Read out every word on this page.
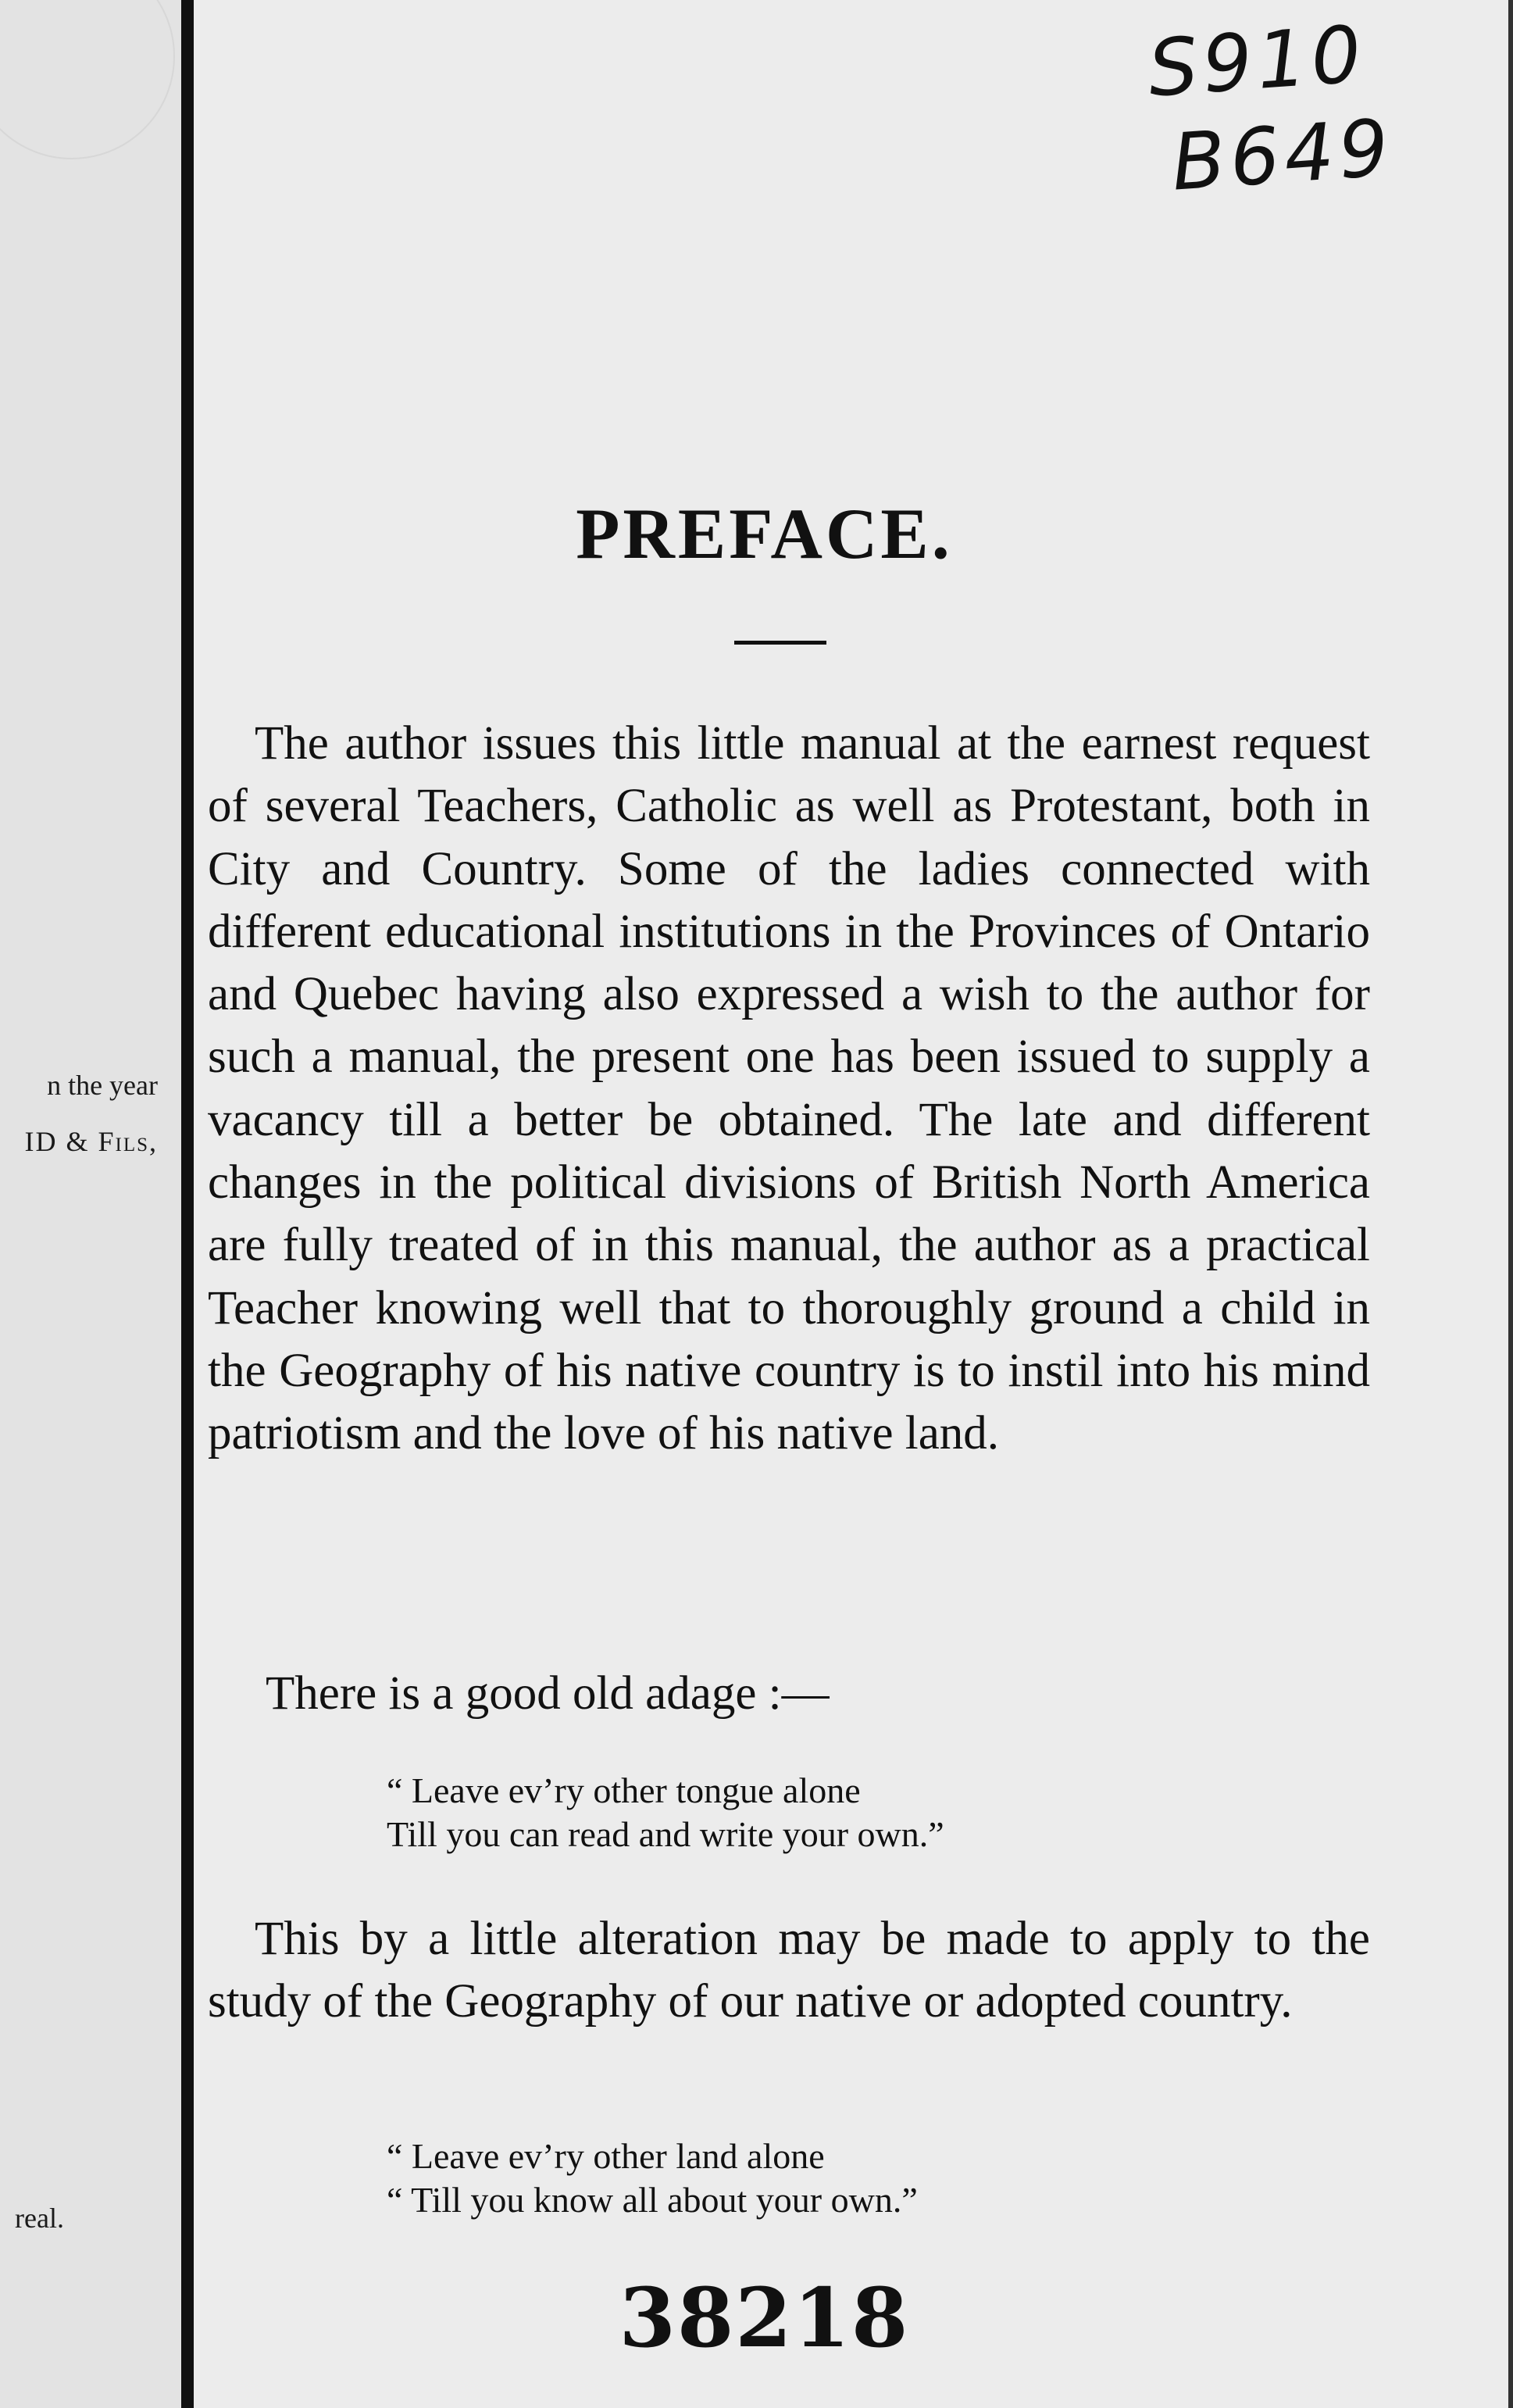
n the year
ID & Fils,
real.
S910
B649
PREFACE.

The author issues this little manual at the earnest request of several Teachers, Catholic as well as Protestant, both in City and Country. Some of the ladies connected with different educational institutions in the Provinces of Ontario and Quebec having also expressed a wish to the author for such a manual, the present one has been issued to supply a vacancy till a better be obtained. The late and different changes in the political divisions of British North America are fully treated of in this manual, the author as a practical Teacher knowing well that to thoroughly ground a child in the Geography of his native country is to instil into his mind patriotism and the love of his native land.

There is a good old adage :—

“ Leave ev’ry other tongue alone
Till you can read and write your own.”

This by a little alteration may be made to apply to the study of the Geography of our native or adopted country.

“ Leave ev’ry other land alone
“ Till you know all about your own.”
38218
